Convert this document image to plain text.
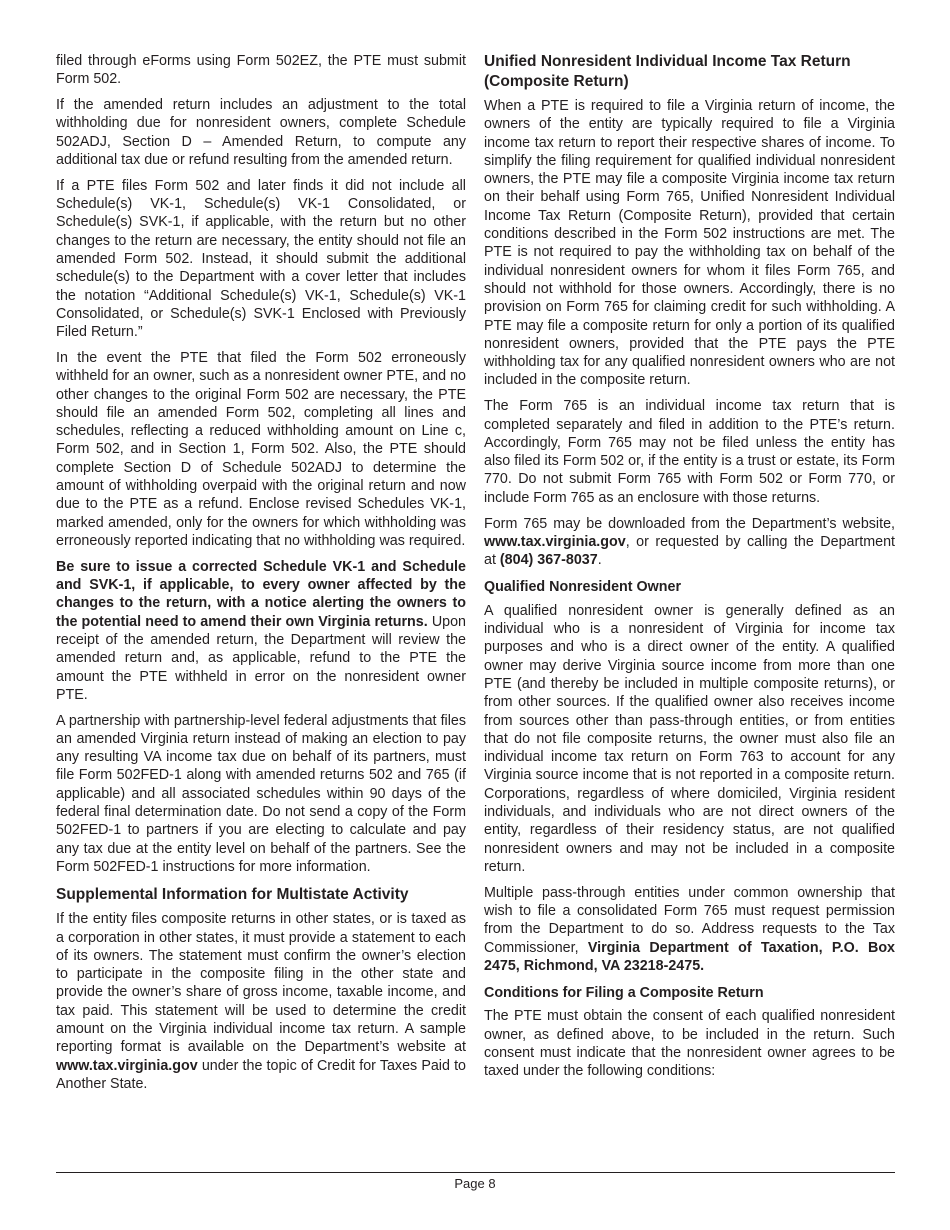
filed through eForms using Form 502EZ, the PTE must submit Form 502.

If the amended return includes an adjustment to the total withholding due for nonresident owners, complete Schedule 502ADJ, Section D – Amended Return, to compute any additional tax due or refund resulting from the amended return.

If a PTE files Form 502 and later finds it did not include all Schedule(s) VK-1, Schedule(s) VK-1 Consolidated, or Schedule(s) SVK-1, if applicable, with the return but no other changes to the return are necessary, the entity should not file an amended Form 502. Instead, it should submit the additional schedule(s) to the Department with a cover letter that includes the notation “Additional Schedule(s) VK-1, Schedule(s) VK-1 Consolidated, or Schedule(s) SVK-1 Enclosed with Previously Filed Return.”

In the event the PTE that filed the Form 502 erroneously withheld for an owner, such as a nonresident owner PTE, and no other changes to the original Form 502 are necessary, the PTE should file an amended Form 502, completing all lines and schedules, reflecting a reduced withholding amount on Line c, Form 502, and in Section 1, Form 502. Also, the PTE should complete Section D of Schedule 502ADJ to determine the amount of withholding overpaid with the original return and now due to the PTE as a refund. Enclose revised Schedules VK-1, marked amended, only for the owners for which withholding was erroneously reported indicating that no withholding was required.

Be sure to issue a corrected Schedule VK-1 and Schedule and SVK-1, if applicable, to every owner affected by the changes to the return, with a notice alerting the owners to the potential need to amend their own Virginia returns. Upon receipt of the amended return, the Department will review the amended return and, as applicable, refund to the PTE the amount the PTE withheld in error on the nonresident owner PTE.

A partnership with partnership-level federal adjustments that files an amended Virginia return instead of making an election to pay any resulting VA income tax due on behalf of its partners, must file Form 502FED-1 along with amended returns 502 and 765 (if applicable) and all associated schedules within 90 days of the federal final determination date. Do not send a copy of the Form 502FED-1 to partners if you are electing to calculate and pay any tax due at the entity level on behalf of the partners. See the Form 502FED-1 instructions for more information.

Supplemental Information for Multistate Activity

If the entity files composite returns in other states, or is taxed as a corporation in other states, it must provide a statement to each of its owners. The statement must confirm the owner’s election to participate in the composite filing in the other state and provide the owner’s share of gross income, taxable income, and tax paid. This statement will be used to determine the credit amount on the Virginia individual income tax return. A sample reporting format is available on the Department’s website at www.tax.virginia.gov under the topic of Credit for Taxes Paid to Another State.

Unified Nonresident Individual Income Tax Return (Composite Return)

When a PTE is required to file a Virginia return of income, the owners of the entity are typically required to file a Virginia income tax return to report their respective shares of income. To simplify the filing requirement for qualified individual nonresident owners, the PTE may file a composite Virginia income tax return on their behalf using Form 765, Unified Nonresident Individual Income Tax Return (Composite Return), provided that certain conditions described in the Form 502 instructions are met. The PTE is not required to pay the withholding tax on behalf of the individual nonresident owners for whom it files Form 765, and should not withhold for those owners. Accordingly, there is no provision on Form 765 for claiming credit for such withholding. A PTE may file a composite return for only a portion of its qualified nonresident owners, provided that the PTE pays the PTE withholding tax for any qualified nonresident owners who are not included in the composite return.

The Form 765 is an individual income tax return that is completed separately and filed in addition to the PTE’s return. Accordingly, Form 765 may not be filed unless the entity has also filed its Form 502 or, if the entity is a trust or estate, its Form 770. Do not submit Form 765 with Form 502 or Form 770, or include Form 765 as an enclosure with those returns.

Form 765 may be downloaded from the Department’s website, www.tax.virginia.gov, or requested by calling the Department at (804) 367-8037.

Qualified Nonresident Owner

A qualified nonresident owner is generally defined as an individual who is a nonresident of Virginia for income tax purposes and who is a direct owner of the entity. A qualified owner may derive Virginia source income from more than one PTE (and thereby be included in multiple composite returns), or from other sources. If the qualified owner also receives income from sources other than pass-through entities, or from entities that do not file composite returns, the owner must also file an individual income tax return on Form 763 to account for any Virginia source income that is not reported in a composite return. Corporations, regardless of where domiciled, Virginia resident individuals, and individuals who are not direct owners of the entity, regardless of their residency status, are not qualified nonresident owners and may not be included in a composite return.

Multiple pass-through entities under common ownership that wish to file a consolidated Form 765 must request permission from the Department to do so. Address requests to the Tax Commissioner, Virginia Department of Taxation, P.O. Box 2475, Richmond, VA 23218-2475.

Conditions for Filing a Composite Return

The PTE must obtain the consent of each qualified nonresident owner, as defined above, to be included in the return. Such consent must indicate that the nonresident owner agrees to be taxed under the following conditions:

Page 8
